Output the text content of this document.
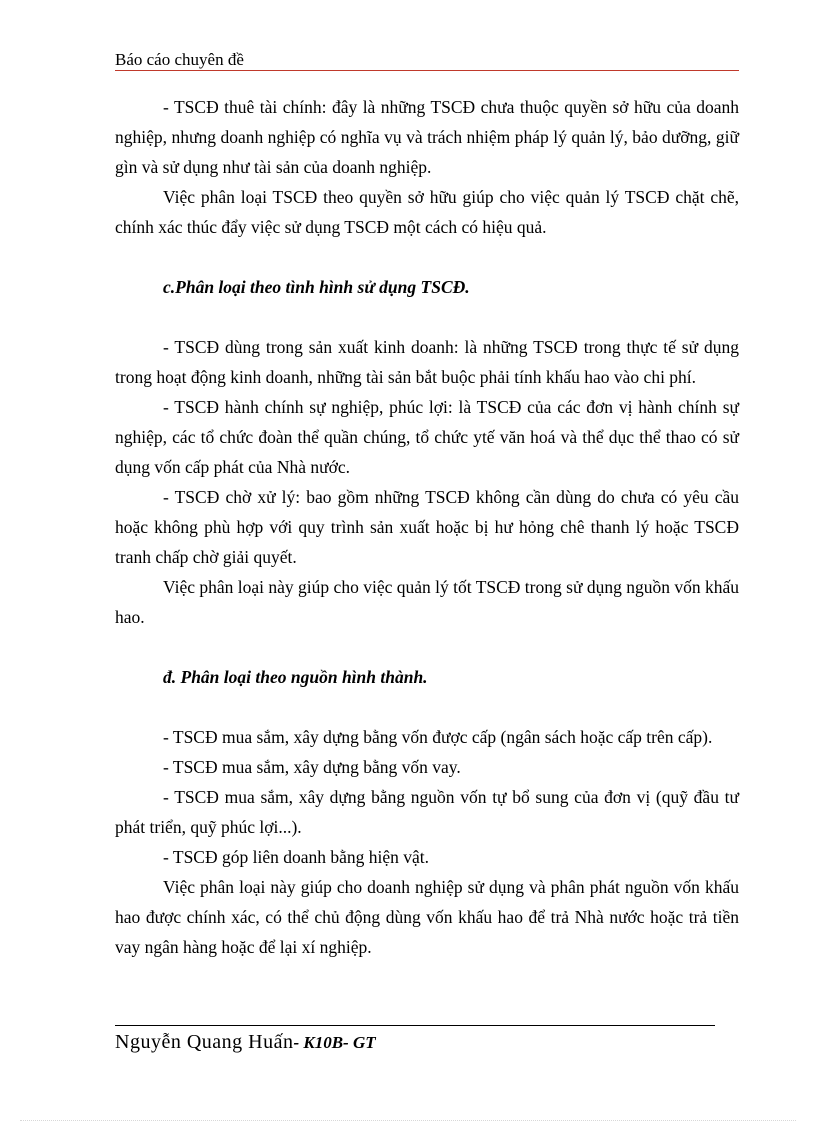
Báo cáo chuyên đề

- TSCĐ thuê tài chính: đây là những TSCĐ chưa thuộc quyền sở hữu của doanh nghiệp, nhưng doanh nghiệp có nghĩa vụ và trách nhiệm pháp lý quản lý, bảo dưỡng, giữ gìn và sử dụng như tài sản của doanh nghiệp.

Việc phân loại TSCĐ theo quyền sở hữu giúp cho việc quản lý TSCĐ chặt chẽ, chính xác thúc đẩy việc sử dụng TSCĐ một cách có hiệu quả.

c.Phân loại theo tình hình sử dụng TSCĐ.

- TSCĐ dùng trong sản xuất kinh doanh: là những TSCĐ trong thực tế sử dụng trong hoạt động kinh doanh, những tài sản bắt buộc phải tính khấu hao vào chi phí.

- TSCĐ hành chính sự nghiệp, phúc lợi: là TSCĐ của các đơn vị hành chính sự nghiệp, các tổ chức đoàn thể quần chúng, tổ chức ytế văn hoá và thể dục thể thao có sử dụng vốn cấp phát của Nhà nước.

- TSCĐ chờ xử lý: bao gồm những TSCĐ không cần dùng do chưa có yêu cầu hoặc không phù hợp với quy trình sản xuất hoặc bị hư hỏng chê thanh lý hoặc TSCĐ tranh chấp chờ giải quyết.

Việc phân loại này giúp cho việc quản lý tốt TSCĐ trong sử dụng nguồn vốn khấu hao.

đ. Phân loại theo nguồn hình thành.

- TSCĐ mua sắm, xây dựng bằng vốn được cấp (ngân sách hoặc cấp trên cấp).

- TSCĐ mua sắm, xây dựng bằng vốn vay.

- TSCĐ mua sắm, xây dựng bằng nguồn vốn tự bổ sung của đơn vị (quỹ đầu tư phát triển, quỹ phúc lợi...).

- TSCĐ góp liên doanh bằng hiện vật.

Việc phân loại này giúp cho doanh nghiệp sử dụng và phân phát nguồn vốn khấu hao được chính xác, có thể chủ động dùng vốn khấu hao để trả Nhà nước hoặc trả tiền vay ngân hàng hoặc để lại xí nghiệp.

Nguyễn Quang Huấn- K10B- GT
